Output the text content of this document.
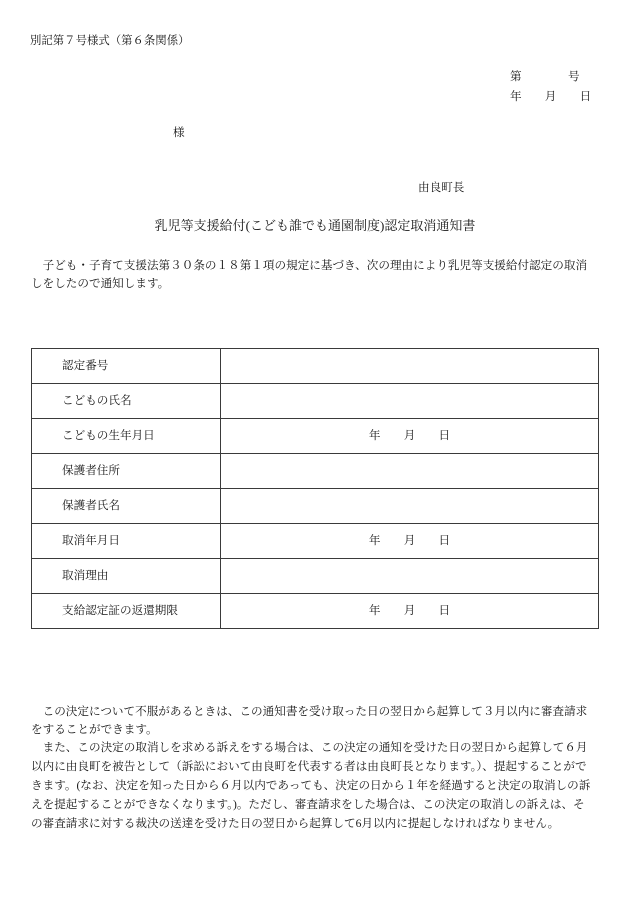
別記第７号様式（第６条関係）
第　　　　号
年　　月　　日
様
由良町長
乳児等支援給付(こども誰でも通園制度)認定取消通知書
　子ども・子育て支援法第３０条の１８第１項の規定に基づき、次の理由により乳児等支援給付認定の取消
しをしたので通知します。
認定番号	
こどもの氏名	
こどもの生年月日	年　　月　　日
保護者住所	
保護者氏名	
取消年月日	年　　月　　日
取消理由	
支給認定証の返還期限	年　　月　　日
　この決定について不服があるときは、この通知書を受け取った日の翌日から起算して３月以内に審査請求
をすることができます。
　また、この決定の取消しを求める訴えをする場合は、この決定の通知を受けた日の翌日から起算して６月
以内に由良町を被告として（訴訟において由良町を代表する者は由良町長となります。）、提起することがで
きます。(なお、決定を知った日から６月以内であっても、決定の日から１年を経過すると決定の取消しの訴
えを提起することができなくなります。)。ただし、審査請求をした場合は、この決定の取消しの訴えは、そ
の審査請求に対する裁決の送達を受けた日の翌日から起算して6月以内に提起しなければなりません。
